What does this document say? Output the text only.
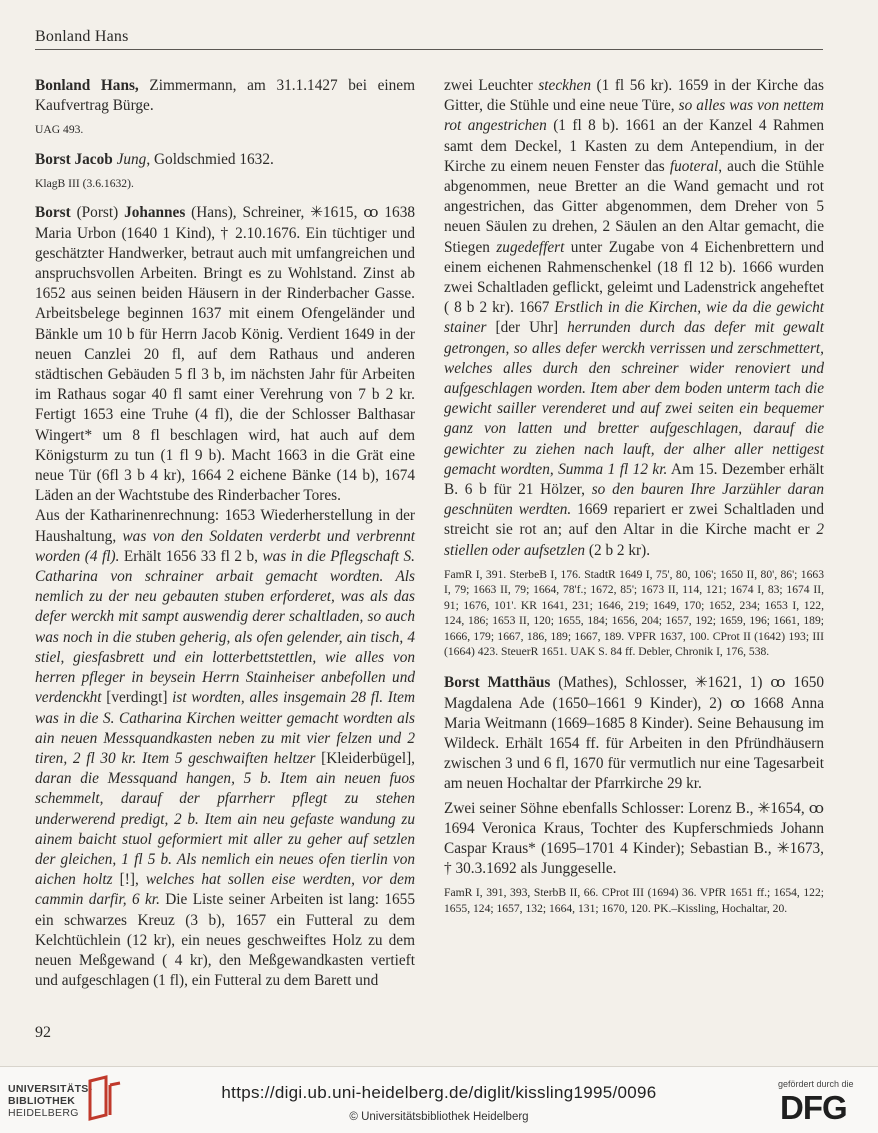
Bonland Hans

Bonland Hans, Zimmermann, am 31.1.1427 bei einem Kaufvertrag Bürge.

UAG 493.

Borst Jacob Jung, Goldschmied 1632.

KlagB III (3.6.1632).

Borst (Porst) Johannes (Hans), Schreiner, ✳1615, ꝏ 1638 Maria Urbon (1640 1 Kind), † 2.10.1676. Ein tüchtiger und geschätzter Handwerker, betraut auch mit umfangreichen und anspruchsvollen Arbeiten. Bringt es zu Wohlstand. Zinst ab 1652 aus seinen beiden Häusern in der Rinderbacher Gasse. Arbeitsbelege beginnen 1637 mit einem Ofengeländer und Bänkle um 10 b für Herrn Jacob König. Verdient 1649 in der neuen Canzlei 20 fl, auf dem Rathaus und anderen städtischen Gebäuden 5 fl 3 b, im nächsten Jahr für Arbeiten im Rathaus sogar 40 fl samt einer Verehrung von 7 b 2 kr. Fertigt 1653 eine Truhe (4 fl), die der Schlosser Balthasar Wingert* um 8 fl beschlagen wird, hat auch auf dem Königsturm zu tun (1 fl 9 b). Macht 1663 in die Grät eine neue Tür (6fl 3 b 4 kr), 1664 2 eichene Bänke (14 b), 1674 Läden an der Wachtstube des Rinderbacher Tores.

Aus der Katharinenrechnung: 1653 Wiederherstellung in der Haushaltung, was von den Soldaten verderbt und verbrennt worden (4 fl). Erhält 1656 33 fl 2 b, was in die Pflegschaft S. Catharina von schrainer arbait gemacht wordten. Als nemlich zu der neu gebauten stuben erforderet, was als das defer werckh mit sampt auswendig derer schaltladen, so auch was noch in die stuben geherig, als ofen gelender, ain tisch, 4 stiel, giesfasbrett und ein lotterbettstettlen, wie alles von herren pfleger in beysein Herrn Stainheiser anbefollen und verdenckht [verdingt] ist wordten, alles insgemain 28 fl. Item was in die S. Catharina Kirchen weitter gemacht wordten als ain neuen Messquandkasten neben zu mit vier felzen und 2 tiren, 2 fl 30 kr. Item 5 geschwaiften heltzer [Kleiderbügel], daran die Messquand hangen, 5 b. Item ain neuen fuos schemmelt, darauf der pfarrherr pflegt zu stehen underwerend predigt, 2 b. Item ain neu gefaste wandung zu ainem baicht stuol geformiert mit aller zu geher auf setzlen der gleichen, 1 fl 5 b. Als nemlich ein neues ofen tierlin von aichen holtz [!], welches hat sollen eise werdten, vor dem cammin darfir, 6 kr. Die Liste seiner Arbeiten ist lang: 1655 ein schwarzes Kreuz (3 b), 1657 ein Futteral zu dem Kelchtüchlein (12 kr), ein neues geschweiftes Holz zu dem neuen Meßgewand ( 4 kr), den Meßgewandkasten vertieft und aufgeschlagen (1 fl), ein Futteral zu dem Barett und

zwei Leuchter steckhen (1 fl 56 kr). 1659 in der Kirche das Gitter, die Stühle und eine neue Türe, so alles was von nettem rot angestrichen (1 fl 8 b). 1661 an der Kanzel 4 Rahmen samt dem Deckel, 1 Kasten zu dem Antependium, in der Kirche zu einem neuen Fenster das fuoteral, auch die Stühle abgenommen, neue Bretter an die Wand gemacht und rot angestrichen, das Gitter abgenommen, dem Dreher von 5 neuen Säulen zu drehen, 2 Säulen an den Altar gemacht, die Stiegen zugedeffert unter Zugabe von 4 Eichenbrettern und einem eichenen Rahmenschenkel (18 fl 12 b). 1666 wurden zwei Schaltladen geflickt, geleimt und Ladenstrick angeheftet ( 8 b 2 kr). 1667 Erstlich in die Kirchen, wie da die gewicht stainer [der Uhr] herrunden durch das defer mit gewalt getrongen, so alles defer werckh verrissen und zerschmettert, welches alles durch den schreiner wider renoviert und aufgeschlagen worden. Item aber dem boden unterm tach die gewicht sailler verenderet und auf zwei seiten ein bequemer ganz von latten und bretter aufgeschlagen, darauf die gewichter zu ziehen nach lauft, der alher aller nettigest gemacht wordten, Summa 1 fl 12 kr. Am 15. Dezember erhält B. 6 b für 21 Hölzer, so den bauren Ihre Jarzühler daran geschnüten werdten. 1669 repariert er zwei Schaltladen und streicht sie rot an; auf den Altar in die Kirche macht er 2 stiellen oder aufsetzlen (2 b 2 kr).

FamR I, 391. SterbeB I, 176. StadtR 1649 I, 75', 80, 106'; 1650 II, 80', 86'; 1663 I, 79; 1663 II, 79; 1664, 78'f.; 1672, 85'; 1673 II, 114, 121; 1674 I, 83; 1674 II, 91; 1676, 101'. KR 1641, 231; 1646, 219; 1649, 170; 1652, 234; 1653 I, 122, 124, 186; 1653 II, 120; 1655, 184; 1656, 204; 1657, 192; 1659, 196; 1661, 189; 1666, 179; 1667, 186, 189; 1667, 189. VPFR 1637, 100. CProt II (1642) 193; III (1664) 423. SteuerR 1651. UAK S. 84 ff. Debler, Chronik I, 176, 538.

Borst Matthäus (Mathes), Schlosser, ✳1621, 1) ꝏ 1650 Magdalena Ade (1650–1661 9 Kinder), 2) ꝏ 1668 Anna Maria Weitmann (1669–1685 8 Kinder). Seine Behausung im Wildeck. Erhält 1654 ff. für Arbeiten in den Pfründhäusern zwischen 3 und 6 fl, 1670 für vermutlich nur eine Tagesarbeit am neuen Hochaltar der Pfarrkirche 29 kr.

Zwei seiner Söhne ebenfalls Schlosser: Lorenz B., ✳1654, ꝏ 1694 Veronica Kraus, Tochter des Kupferschmieds Johann Caspar Kraus* (1695–1701 4 Kinder); Sebastian B., ✳1673, † 30.3.1692 als Junggeselle.

FamR I, 391, 393, SterbB II, 66. CProt III (1694) 36. VPfR 1651 ff.; 1654, 122; 1655, 124; 1657, 132; 1664, 131; 1670, 120. PK.–Kissling, Hochaltar, 20.

92
UNIVERSITÄTS-
BIBLIOTHEK
HEIDELBERG
https://digi.ub.uni-heidelberg.de/diglit/kissling1995/0096
© Universitätsbibliothek Heidelberg
gefördert durch die
DFG
